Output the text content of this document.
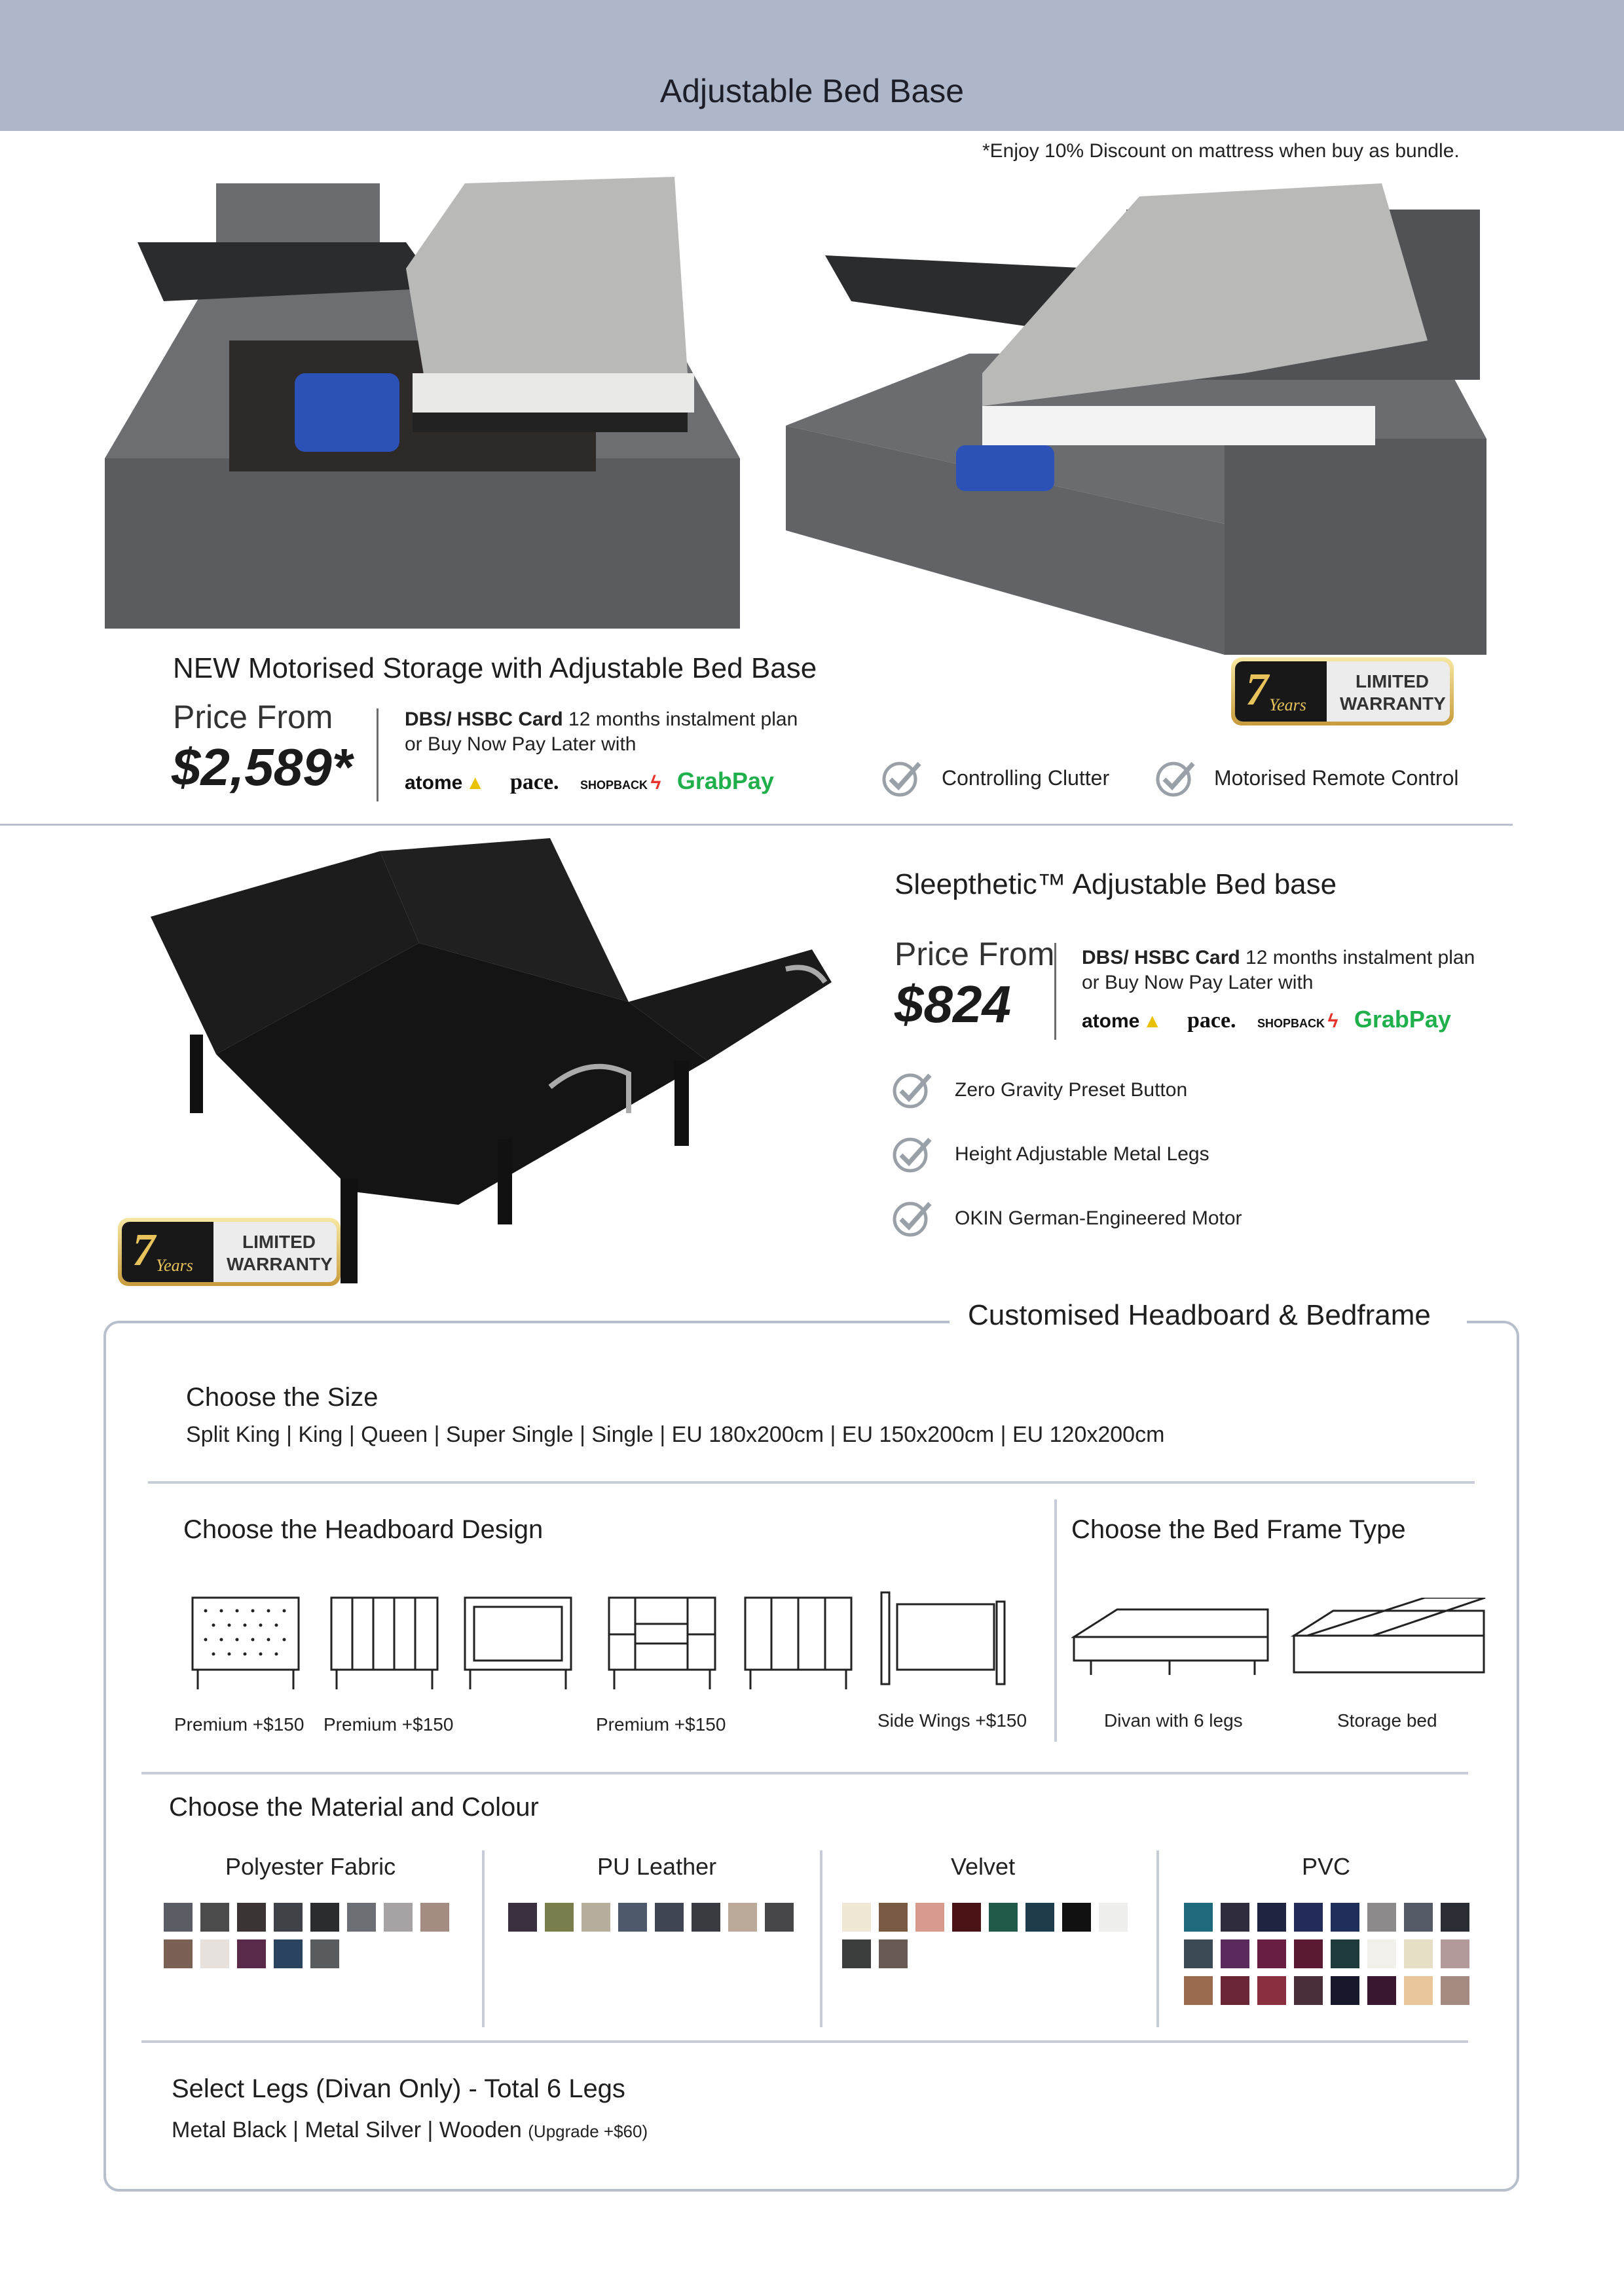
Adjustable Bed Base
*Enjoy 10% Discount on mattress when buy as bundle.
NEW Motorised Storage with Adjustable Bed Base
Price From
$2,589*
DBS/ HSBC Card 12 months instalment plan
or Buy Now Pay Later with
atome ▲ pace. SHOPBACK ϟ GrabPay
7 Years
LIMITED
WARRANTY
Controlling Clutter	Motorised Remote Control
7 Years
LIMITED
WARRANTY
Sleepthetic™ Adjustable Bed base
Price From
$824
DBS/ HSBC Card 12 months instalment plan
or Buy Now Pay Later with
atome ▲ pace. SHOPBACK ϟ GrabPay
Zero Gravity Preset Button
Height Adjustable Metal Legs
OKIN German-Engineered Motor
Customised Headboard & Bedframe
Choose the Size
Split King | King | Queen | Super Single | Single | EU 180x200cm | EU 150x200cm | EU 120x200cm
Choose the Headboard Design	Choose the Bed Frame Type
Premium +$150 Premium +$150	Premium +$150	Side Wings +$150	Divan with 6 legs	Storage bed
Choose the Material and Colour
Polyester Fabric	PU Leather	Velvet	PVC
Select Legs (Divan Only) - Total 6 Legs
Metal Black | Metal Silver | Wooden (Upgrade +$60)
